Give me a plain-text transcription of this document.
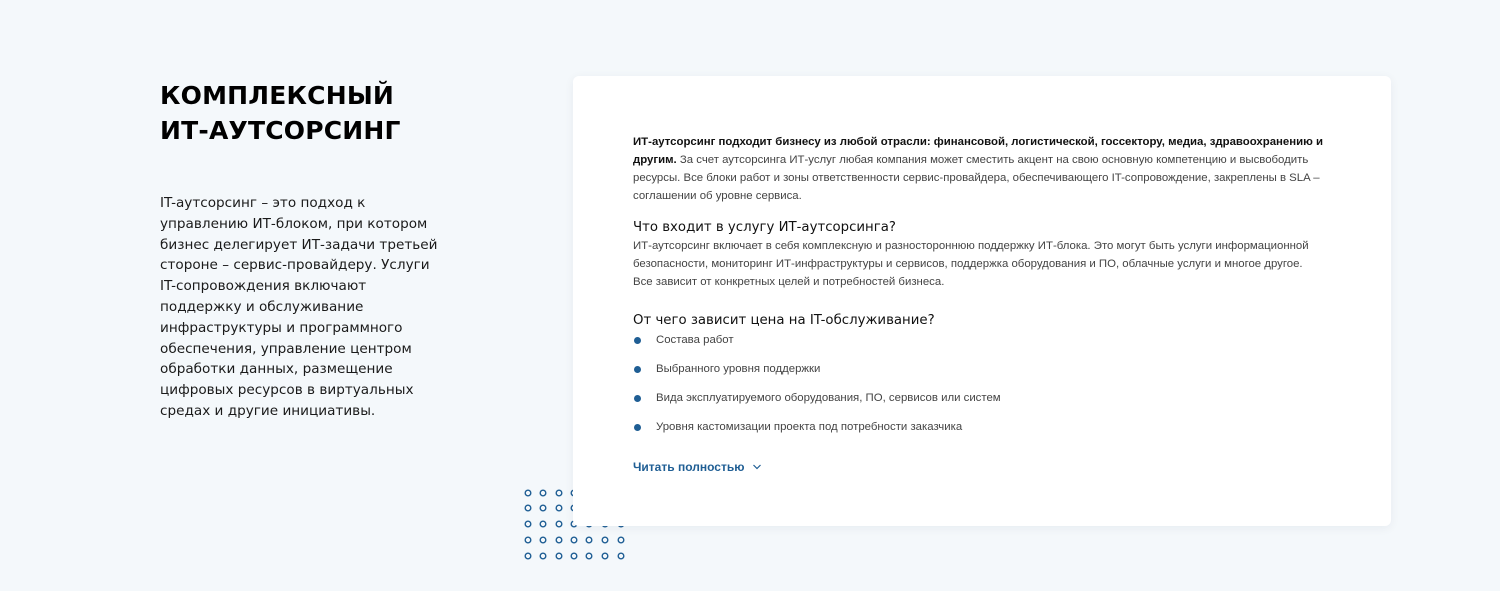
КОМПЛЕКСНЫЙ ИТ-АУТСОРСИНГ

IT-аутсорсинг – это подход к управлению ИТ-блоком, при котором бизнес делегирует ИТ-задачи третьей стороне – сервис-провайдеру. Услуги IT-сопровождения включают поддержку и обслуживание инфраструктуры и программного обеспечения, управление центром обработки данных, размещение цифровых ресурсов в виртуальных средах и другие инициативы.

ИТ-аутсорсинг подходит бизнесу из любой отрасли: финансовой, логистической, госсектору, медиа, здравоохранению и другим. За счет аутсорсинга ИТ-услуг любая компания может сместить акцент на свою основную компетенцию и высвободить ресурсы. Все блоки работ и зоны ответственности сервис-провайдера, обеспечивающего IT-сопровождение, закреплены в SLA – соглашении об уровне сервиса.

Что входит в услугу ИТ-аутсорсинга?

ИТ-аутсорсинг включает в себя комплексную и разностороннюю поддержку ИТ-блока. Это могут быть услуги информационной безопасности, мониторинг ИТ-инфраструктуры и сервисов, поддержка оборудования и ПО, облачные услуги и многое другое. Все зависит от конкретных целей и потребностей бизнеса.

От чего зависит цена на IT-обслуживание?
Состава работ
Выбранного уровня поддержки
Вида эксплуатируемого оборудования, ПО, сервисов или систем
Уровня кастомизации проекта под потребности заказчика
Читать полностью
